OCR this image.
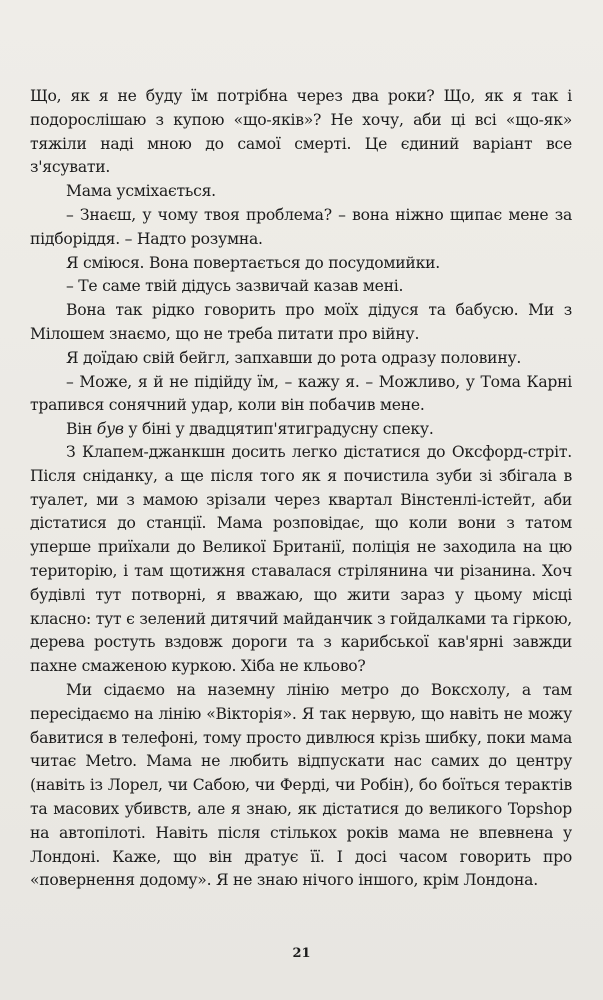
Що, як я не буду їм потрібна через два роки? Що, як я так і подорослішаю з купою «що-яків»? Не хочу, аби ці всі «що-як» тяжіли наді мною до самої смерті. Це єдиний варіант все з'ясувати.

Мама усміхається.

– Знаєш, у чому твоя проблема? – вона ніжно щипає мене за підборіддя. – Надто розумна.

Я сміюся. Вона повертається до посудомийки.

– Те саме твій дідусь зазвичай казав мені.

Вона так рідко говорить про моїх дідуся та бабусю. Ми з Мілошем знаємо, що не треба питати про війну.

Я доїдаю свій бейгл, запхавши до рота одразу половину.

– Може, я й не підійду їм, – кажу я. – Можливо, у Тома Карні трапився сонячний удар, коли він побачив мене.

Він був у біні у двадцятип'ятиградусну спеку.

З Клапем-джанкшн досить легко дістатися до Оксфорд-стріт. Після сніданку, а ще після того як я почистила зуби зі збігала в туалет, ми з мамою зрізали через квартал Вінстенлі-істейт, аби дістатися до станції. Мама розповідає, що коли вони з татом уперше приїхали до Великої Британії, поліція не заходила на цю територію, і там щотижня ставалася стрілянина чи різанина. Хоч будівлі тут потворні, я вважаю, що жити зараз у цьому місці класно: тут є зелений дитячий майданчик з гойдалками та гіркою, дерева ростуть вздовж дороги та з карибської кав'ярні завжди пахне смаженою куркою. Хіба не кльово?

Ми сідаємо на наземну лінію метро до Воксхолу, а там пересідаємо на лінію «Вікторія». Я так нервую, що навіть не можу бавитися в телефоні, тому просто дивлюся крізь шибку, поки мама читає Metro. Мама не любить відпускати нас самих до центру (навіть із Лорел, чи Сабою, чи Ферді, чи Робін), бо боїться терактів та масових убивств, але я знаю, як дістатися до великого Topshop на автопілоті. Навіть після стількох років мама не впевнена у Лондоні. Каже, що він дратує її. І досі часом говорить про «повернення додому». Я не знаю нічого іншого, крім Лондона.

21
